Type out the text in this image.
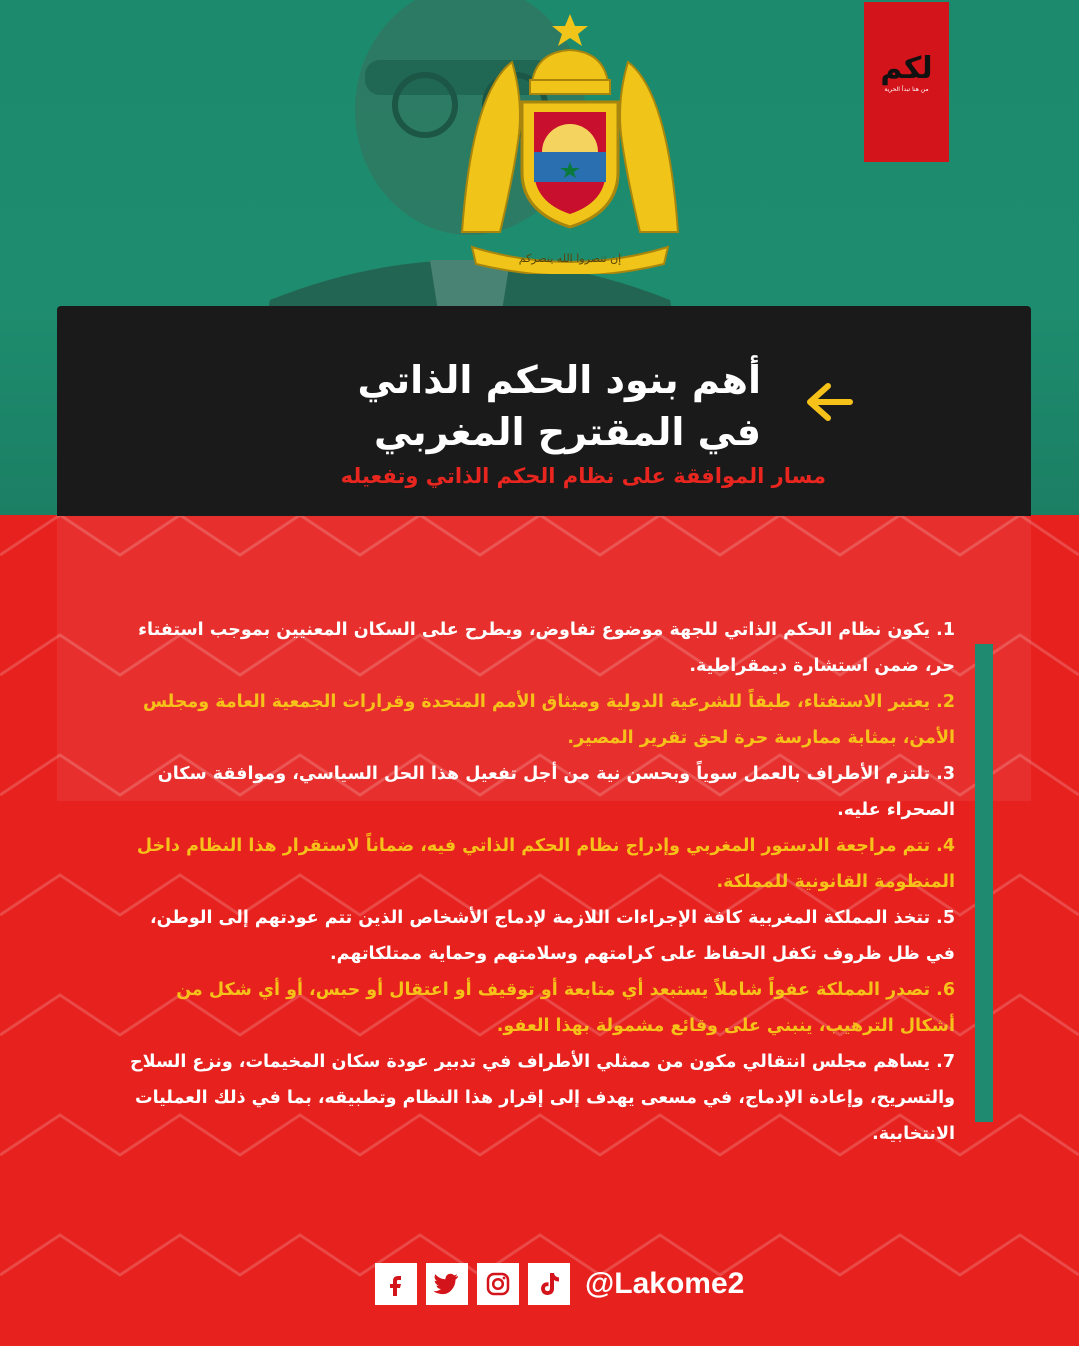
إن تنصروا الله ينصركم
لكم
من هنا تبدأ الحرية
أهم بنود الحكم الذاتي
في المقترح المغربي
مسار الموافقة على نظام الحكم الذاتي وتفعيله
1. يكون نظام الحكم الذاتي للجهة موضوع تفاوض، ويطرح على السكان المعنيين بموجب استفتاء حر، ضمن استشارة ديمقراطية.
2. يعتبر الاستفتاء، طبقاً للشرعية الدولية وميثاق الأمم المتحدة وقرارات الجمعية العامة ومجلس الأمن، بمثابة ممارسة حرة لحق تقرير المصير.
3. تلتزم الأطراف بالعمل سوياً وبحسن نية من أجل تفعيل هذا الحل السياسي، وموافقة سكان الصحراء عليه.
4. تتم مراجعة الدستور المغربي وإدراج نظام الحكم الذاتي فيه، ضماناً لاستقرار هذا النظام داخل المنظومة القانونية للمملكة.
5. تتخذ المملكة المغربية كافة الإجراءات اللازمة لإدماج الأشخاص الذين تتم عودتهم إلى الوطن، في ظل ظروف تكفل الحفاظ على كرامتهم وسلامتهم وحماية ممتلكاتهم.
6. تصدر المملكة عفواً شاملاً يستبعد أي متابعة أو توقيف أو اعتقال أو حبس، أو أي شكل من أشكال الترهيب، ينبني على وقائع مشمولة بهذا العفو.
7. يساهم مجلس انتقالي مكون من ممثلي الأطراف في تدبير عودة سكان المخيمات، ونزع السلاح والتسريح، وإعادة الإدماج، في مسعى يهدف إلى إقرار هذا النظام وتطبيقه، بما في ذلك العمليات الانتخابية.
@Lakome2
